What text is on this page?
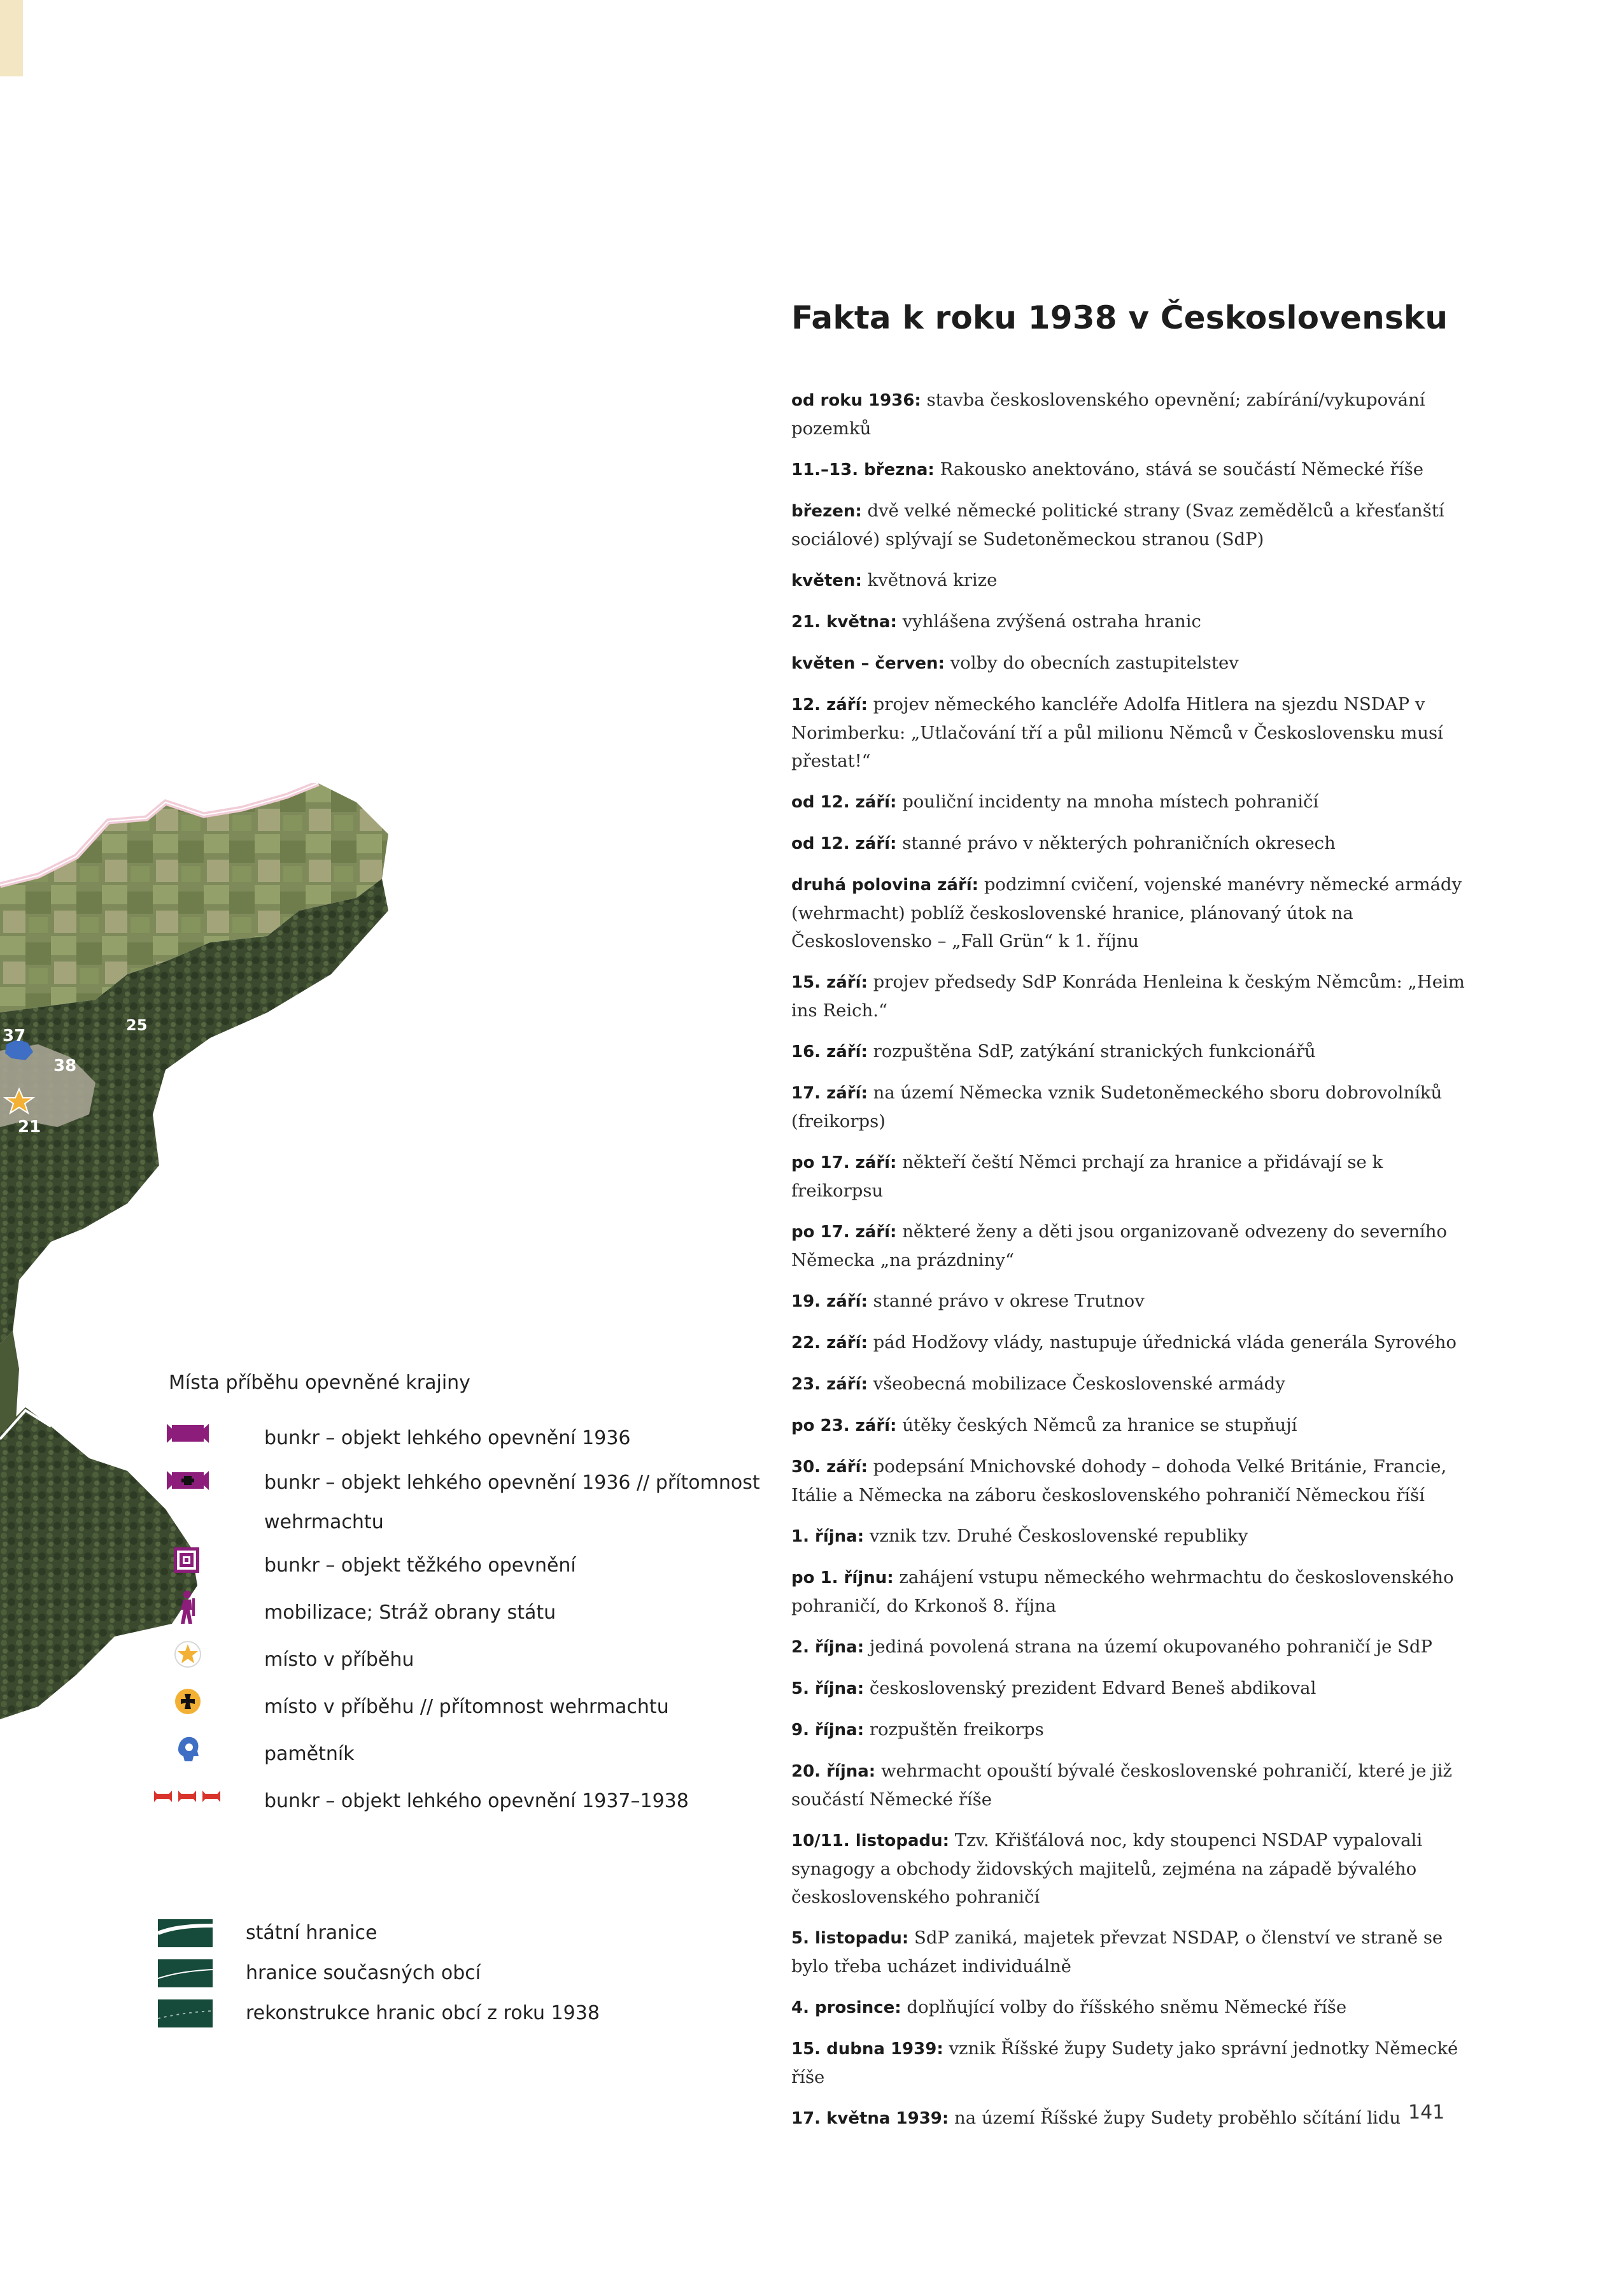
37
25
38
21
Fakta k roku 1938 v Československu

od roku 1936: stavba československého opevnění; zabírání/vykupování pozemků

11.–13. března: Rakousko anektováno, stává se součástí Německé říše

březen: dvě velké německé politické strany (Svaz zemědělců a křesťanští sociálové) splývají se Sudetoněmeckou stranou (SdP)

květen: květnová krize

21. května: vyhlášena zvýšená ostraha hranic

květen – červen: volby do obecních zastupitelstev

12. září: projev německého kancléře Adolfa Hitlera na sjezdu NSDAP v Norimberku: „Utlačování tří a půl milionu Němců v Československu musí přestat!“

od 12. září: pouliční incidenty na mnoha místech pohraničí

od 12. září: stanné právo v některých pohraničních okresech

druhá polovina září: podzimní cvičení, vojenské manévry německé armády (wehrmacht) poblíž československé hranice, plánovaný útok na Československo – „Fall Grün“ k 1. říjnu

15. září: projev předsedy SdP Konráda Henleina k českým Němcům: „Heim ins Reich.“

16. září: rozpuštěna SdP, zatýkání stranických funkcionářů

17. září: na území Německa vznik Sudetoněmeckého sboru dobrovolníků (freikorps)

po 17. září: někteří čeští Němci prchají za hranice a přidávají se k freikorpsu

po 17. září: některé ženy a děti jsou organizovaně odvezeny do severního Německa „na prázdniny“

19. září: stanné právo v okrese Trutnov

22. září: pád Hodžovy vlády, nastupuje úřednická vláda generála Syrového

23. září: všeobecná mobilizace Československé armády

po 23. září: útěky českých Němců za hranice se stupňují

30. září: podepsání Mnichovské dohody – dohoda Velké Británie, Francie, Itálie a Německa na záboru československého pohraničí Německou říší

1. října: vznik tzv. Druhé Československé republiky

po 1. říjnu: zahájení vstupu německého wehrmachtu do československého pohraničí, do Krkonoš 8. října

2. října: jediná povolená strana na území okupovaného pohraničí je SdP

5. října: československý prezident Edvard Beneš abdikoval

9. října: rozpuštěn freikorps

20. října: wehrmacht opouští bývalé československé pohraničí, které je již součástí Německé říše

10/11. listopadu: Tzv. Křišťálová noc, kdy stoupenci NSDAP vypalovali synagogy a obchody židovských majitelů, zejména na západě bývalého československého pohraničí

5. listopadu: SdP zaniká, majetek převzat NSDAP, o členství ve straně se bylo třeba ucházet individuálně

4. prosince: doplňující volby do říšského sněmu Německé říše

15. dubna 1939: vznik Říšské župy Sudety jako správní jednotky Německé říše

17. května 1939: na území Říšské župy Sudety proběhlo sčítání lidu

Místa příběhu opevněné krajiny
bunkr – objekt lehkého opevnění 1936
bunkr – objekt lehkého opevnění 1936 // přítomnost wehrmachtu
bunkr – objekt těžkého opevnění
mobilizace; Stráž obrany státu
místo v příběhu
místo v příběhu // přítomnost wehrmachtu
pamětník
bunkr – objekt lehkého opevnění 1937–1938
státní hranice
hranice současných obcí
rekonstrukce hranic obcí z roku 1938
141
